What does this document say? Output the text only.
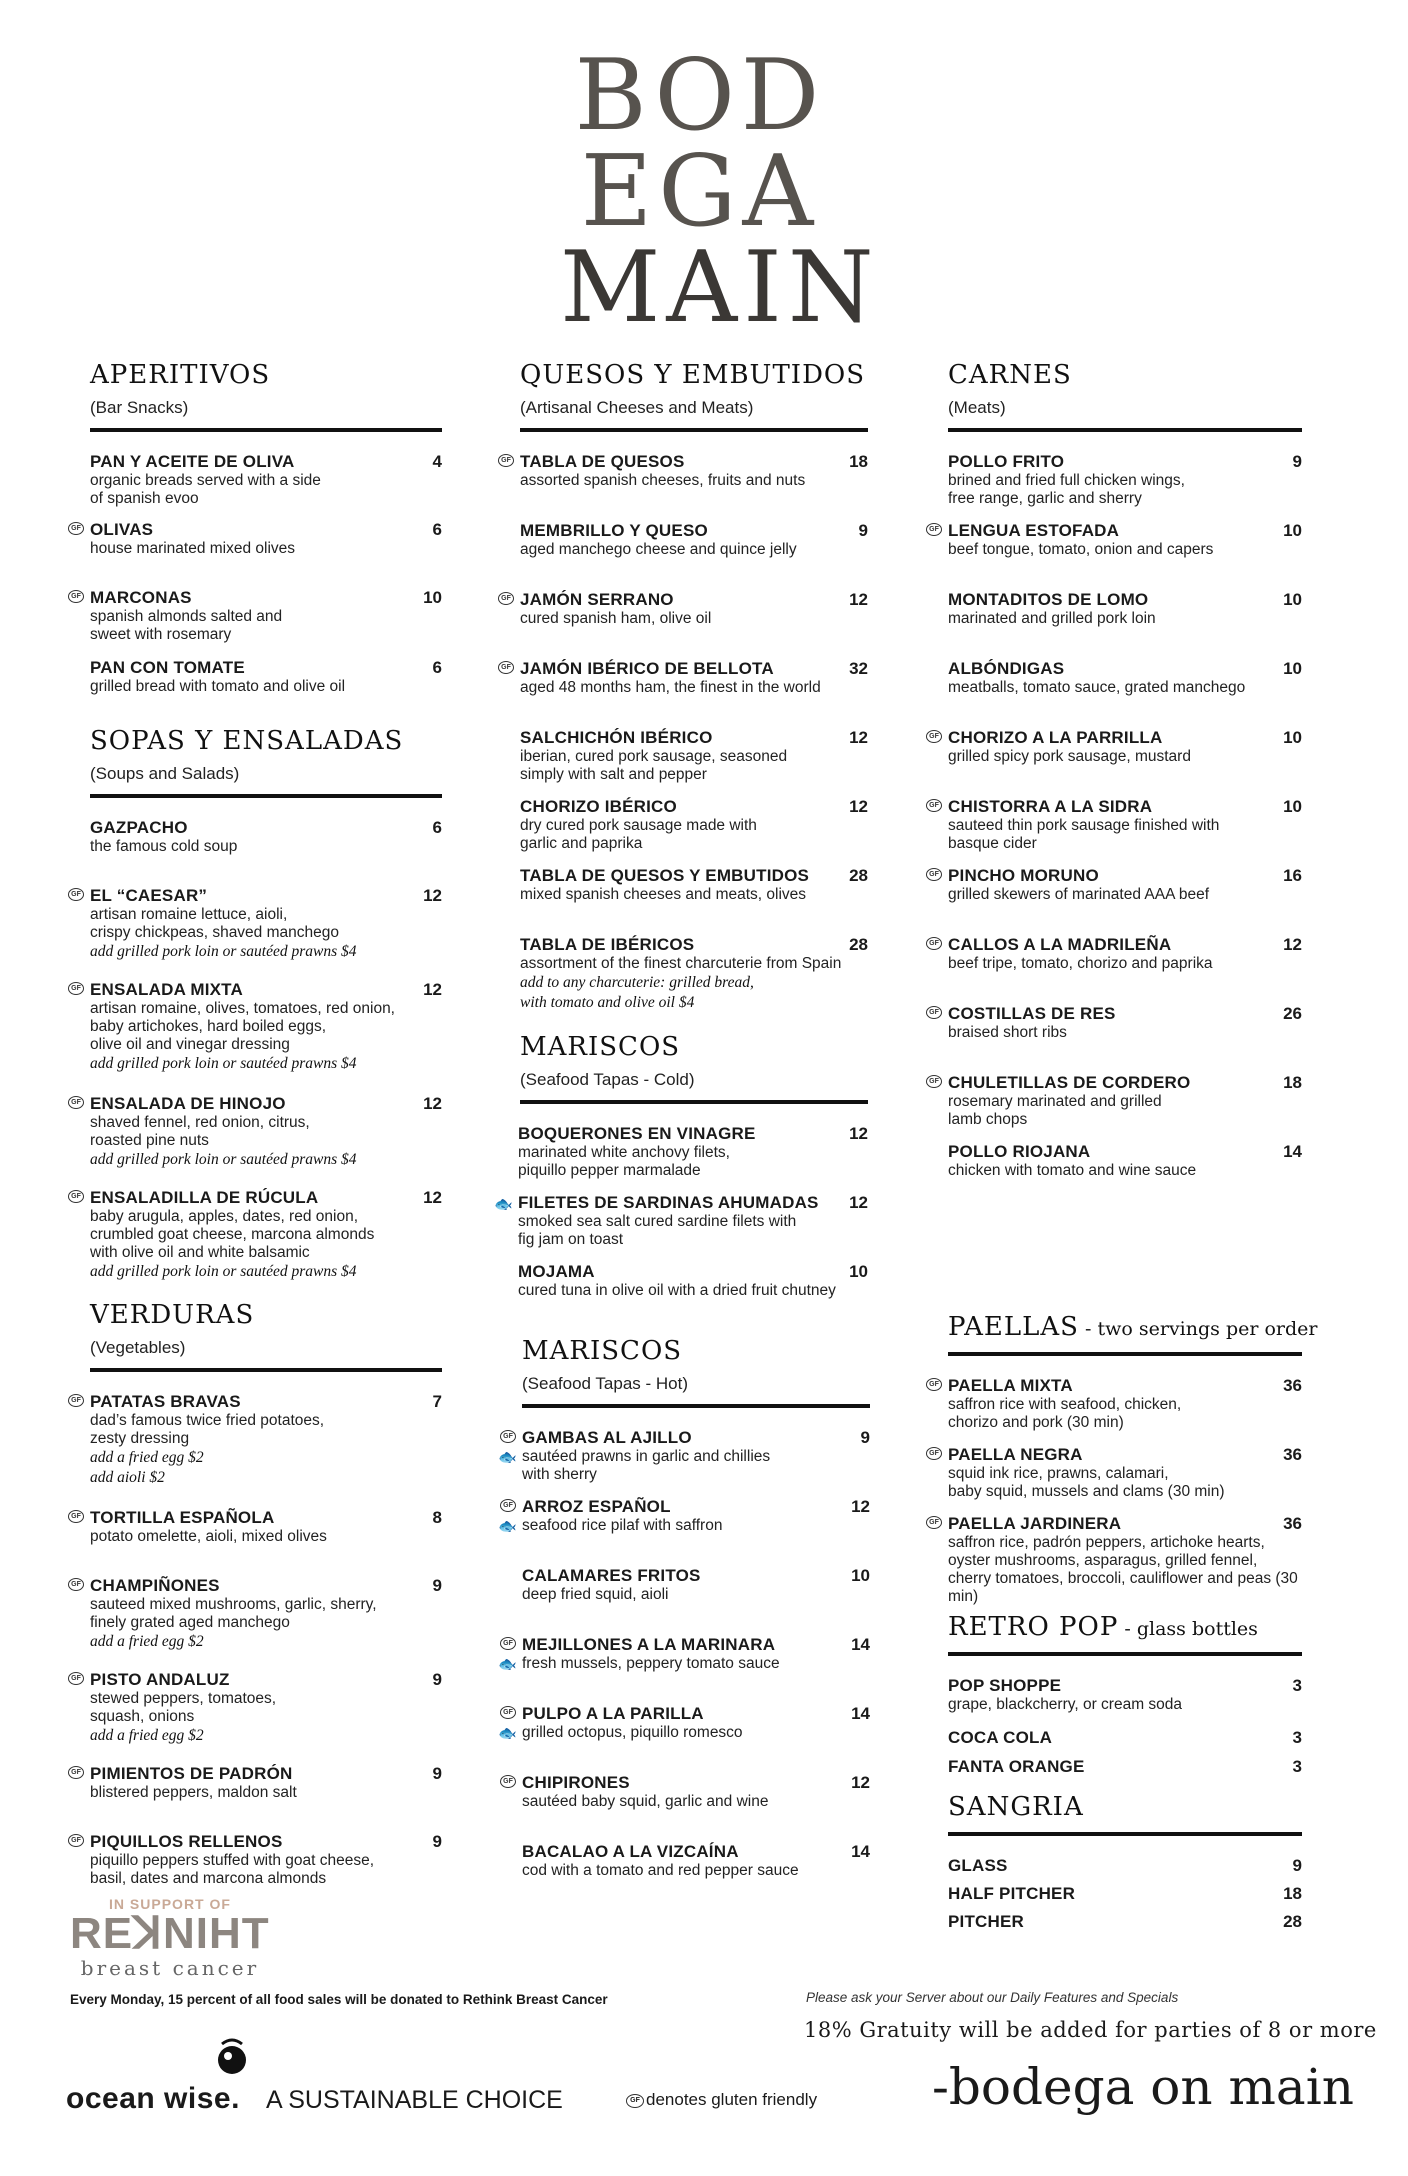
BOD
EGA
MAIN
APERITIVOS
(Bar Snacks)
PAN Y ACEITE DE OLIVA	4
organic breads served with a side
of spanish evoo
GF OLIVAS	6
house marinated mixed olives
GF MARCONAS	10
spanish almonds salted and
sweet with rosemary
PAN CON TOMATE	6
grilled bread with tomato and olive oil
SOPAS Y ENSALADAS
(Soups and Salads)
GAZPACHO	6
the famous cold soup
GF EL “CAESAR”	12
artisan romaine lettuce, aioli,
crispy chickpeas, shaved manchego
add grilled pork loin or sautéed prawns $4
GF ENSALADA MIXTA	12
artisan romaine, olives, tomatoes, red onion,
baby artichokes, hard boiled eggs,
olive oil and vinegar dressing
add grilled pork loin or sautéed prawns $4
GF ENSALADA DE HINOJO	12
shaved fennel, red onion, citrus,
roasted pine nuts
add grilled pork loin or sautéed prawns $4
GF ENSALADILLA DE RÚCULA	12
baby arugula, apples, dates, red onion,
crumbled goat cheese, marcona almonds
with olive oil and white balsamic
add grilled pork loin or sautéed prawns $4
VERDURAS
(Vegetables)
GF PATATAS BRAVAS	7
dad’s famous twice fried potatoes,
zesty dressing
add a fried egg $2
add aioli $2
GF TORTILLA ESPAÑOLA	8
potato omelette, aioli, mixed olives
GF CHAMPIÑONES	9
sauteed mixed mushrooms, garlic, sherry,
finely grated aged manchego
add a fried egg $2
GF PISTO ANDALUZ	9
stewed peppers, tomatoes,
squash, onions
add a fried egg $2
GF PIMIENTOS DE PADRÓN	9
blistered peppers, maldon salt
GF PIQUILLOS RELLENOS	9
piquillo peppers stuffed with goat cheese,
basil, dates and marcona almonds
QUESOS Y EMBUTIDOS
(Artisanal Cheeses and Meats)
GF TABLA DE QUESOS	18
assorted spanish cheeses, fruits and nuts
MEMBRILLO Y QUESO	9
aged manchego cheese and quince jelly
GF JAMÓN SERRANO	12
cured spanish ham, olive oil
GF JAMÓN IBÉRICO DE BELLOTA	32
aged 48 months ham, the finest in the world
SALCHICHÓN IBÉRICO	12
iberian, cured pork sausage, seasoned
simply with salt and pepper
CHORIZO IBÉRICO	12
dry cured pork sausage made with
garlic and paprika
TABLA DE QUESOS Y EMBUTIDOS	28
mixed spanish cheeses and meats, olives
TABLA DE IBÉRICOS	28
assortment of the finest charcuterie from Spain
add to any charcuterie: grilled bread,
with tomato and olive oil $4
MARISCOS
(Seafood Tapas - Cold)
BOQUERONES EN VINAGRE	12
marinated white anchovy filets,
piquillo pepper marmalade
🐟 FILETES DE SARDINAS AHUMADAS	12
smoked sea salt cured sardine filets with
fig jam on toast
MOJAMA	10
cured tuna in olive oil with a dried fruit chutney
MARISCOS
(Seafood Tapas - Hot)
GF
🐟
GAMBAS AL AJILLO	9
sautéed prawns in garlic and chillies
with sherry
GF
🐟
ARROZ ESPAÑOL	12
seafood rice pilaf with saffron
CALAMARES FRITOS	10
deep fried squid, aioli
GF
🐟
MEJILLONES A LA MARINARA	14
fresh mussels, peppery tomato sauce
GF
🐟
PULPO A LA PARILLA	14
grilled octopus, piquillo romesco
GF CHIPIRONES	12
sautéed baby squid, garlic and wine
BACALAO A LA VIZCAÍNA	14
cod with a tomato and red pepper sauce
CARNES
(Meats)
POLLO FRITO	9
brined and fried full chicken wings,
free range, garlic and sherry
GF LENGUA ESTOFADA	10
beef tongue, tomato, onion and capers
MONTADITOS DE LOMO	10
marinated and grilled pork loin
ALBÓNDIGAS	10
meatballs, tomato sauce, grated manchego
GF CHORIZO A LA PARRILLA	10
grilled spicy pork sausage, mustard
GF CHISTORRA A LA SIDRA	10
sauteed thin pork sausage finished with
basque cider
GF PINCHO MORUNO	16
grilled skewers of marinated AAA beef
GF CALLOS A LA MADRILEÑA	12
beef tripe, tomato, chorizo and paprika
GF COSTILLAS DE RES	26
braised short ribs
GF CHULETILLAS DE CORDERO	18
rosemary marinated and grilled
lamb chops
POLLO RIOJANA	14
chicken with tomato and wine sauce
PAELLAS - two servings per order
GF PAELLA MIXTA	36
saffron rice with seafood, chicken,
chorizo and pork (30 min)
GF PAELLA NEGRA	36
squid ink rice, prawns, calamari,
baby squid, mussels and clams (30 min)
GF PAELLA JARDINERA	36
saffron rice, padrón peppers, artichoke hearts,
oyster mushrooms, asparagus, grilled fennel,
cherry tomatoes, broccoli, cauliflower and peas (30 min)
RETRO POP - glass bottles
POP SHOPPE	3
grape, blackcherry, or cream soda
COCA COLA	3
FANTA ORANGE	3
SANGRIA
GLASS	9
HALF PITCHER	18
PITCHER	28
IN SUPPORT OF
REꓘNIHT
breast cancer
Every Monday, 15 percent of all food sales will be donated to Rethink Breast Cancer	Please ask your Server about our Daily Features and Specials
18% Gratuity will be added for parties of 8 or more
ocean wise. A SUSTAINABLE CHOICE	GF denotes gluten friendly -bodega on main
